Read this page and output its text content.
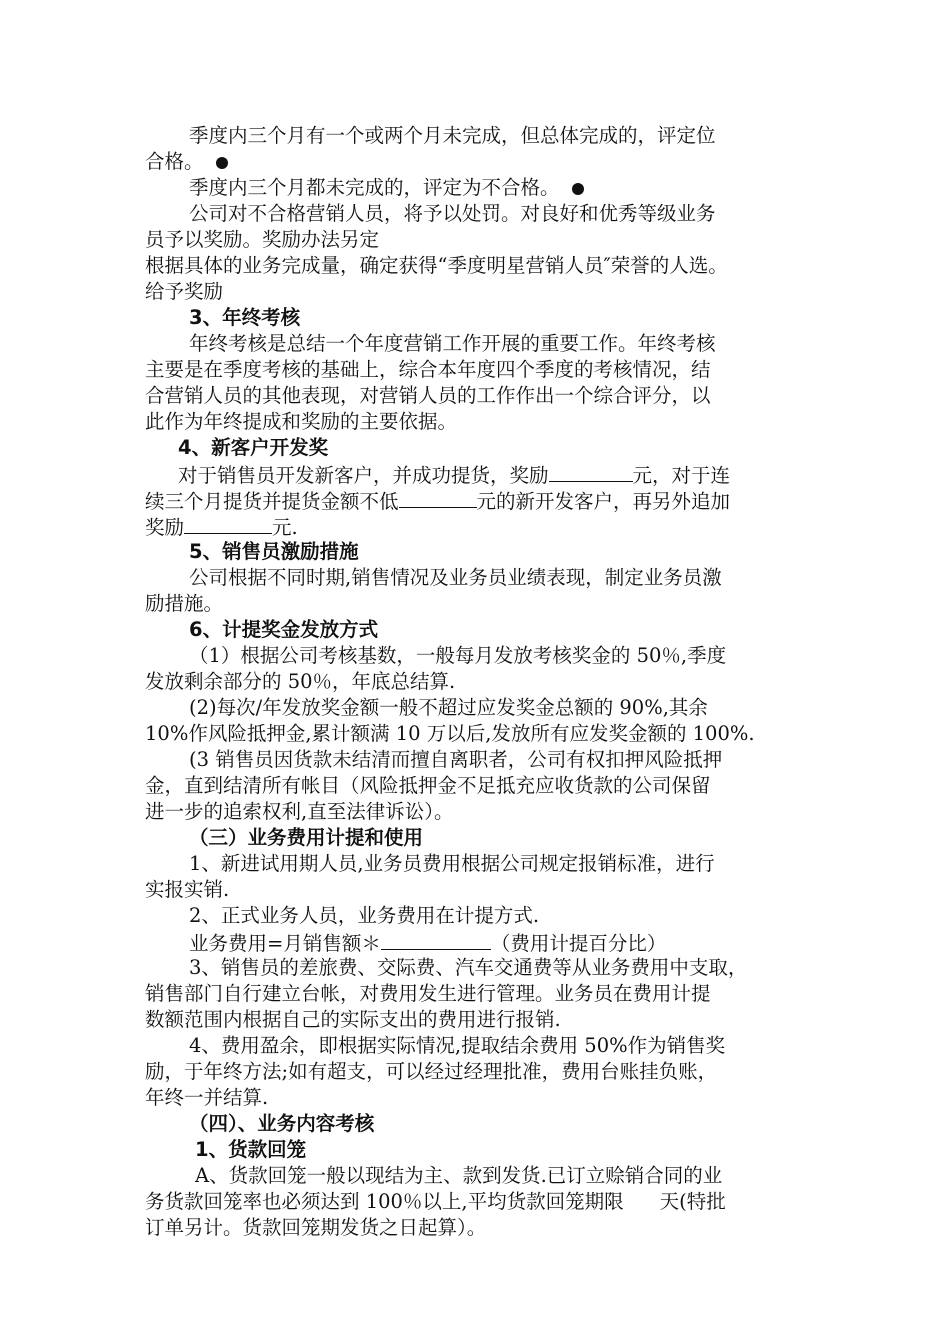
季度内三个月有一个或两个月未完成，但总体完成的，评定位
合格。
季度内三个月都未完成的，评定为不合格。
公司对不合格营销人员，将予以处罚。对良好和优秀等级业务
员予以奖励。奖励办法另定
根据具体的业务完成量，确定获得“季度明星营销人员″荣誉的人选。
给予奖励
3、年终考核
年终考核是总结一个年度营销工作开展的重要工作。年终考核
主要是在季度考核的基础上，综合本年度四个季度的考核情况，结
合营销人员的其他表现，对营销人员的工作作出一个综合评分，以
此作为年终提成和奖励的主要依据。
4、新客户开发奖
对于销售员开发新客户，并成功提货，奖励	元，对于连
续三个月提货并提货金额不低	元的新开发客户，再另外追加
奖励	元.
5、销售员激励措施
公司根据不同时期,销售情况及业务员业绩表现，制定业务员激
励措施。
6、计提奖金发放方式
（1）根据公司考核基数，一般每月发放考核奖金的 50％,季度
发放剩余部分的 50％，年底总结算.
(2)每次/年发放奖金额一般不超过应发奖金总额的 90%,其余
10%作风险抵押金,累计额满 10 万以后,发放所有应发奖金额的 100%.
(3 销售员因货款未结清而擅自离职者，公司有权扣押风险抵押
金，直到结清所有帐目（风险抵押金不足抵充应收货款的公司保留
进一步的追索权利,直至法律诉讼）。
（三）业务费用计提和使用
1、新进试用期人员,业务员费用根据公司规定报销标准，进行
实报实销.
2、正式业务人员，业务费用在计提方式.
业务费用=月销售额＊	（费用计提百分比）
3、销售员的差旅费、交际费、汽车交通费等从业务费用中支取，
销售部门自行建立台帐，对费用发生进行管理。业务员在费用计提
数额范围内根据自己的实际支出的费用进行报销.
4、费用盈余，即根据实际情况,提取结余费用 50%作为销售奖
励，于年终方法;如有超支，可以经过经理批准，费用台账挂负账，
年终一并结算.
（四）、业务内容考核
1、货款回笼
A、货款回笼一般以现结为主、款到发货.已订立赊销合同的业
务货款回笼率也必须达到 100％以上,平均货款回笼期限 天(特批
订单另计。货款回笼期发货之日起算）。
